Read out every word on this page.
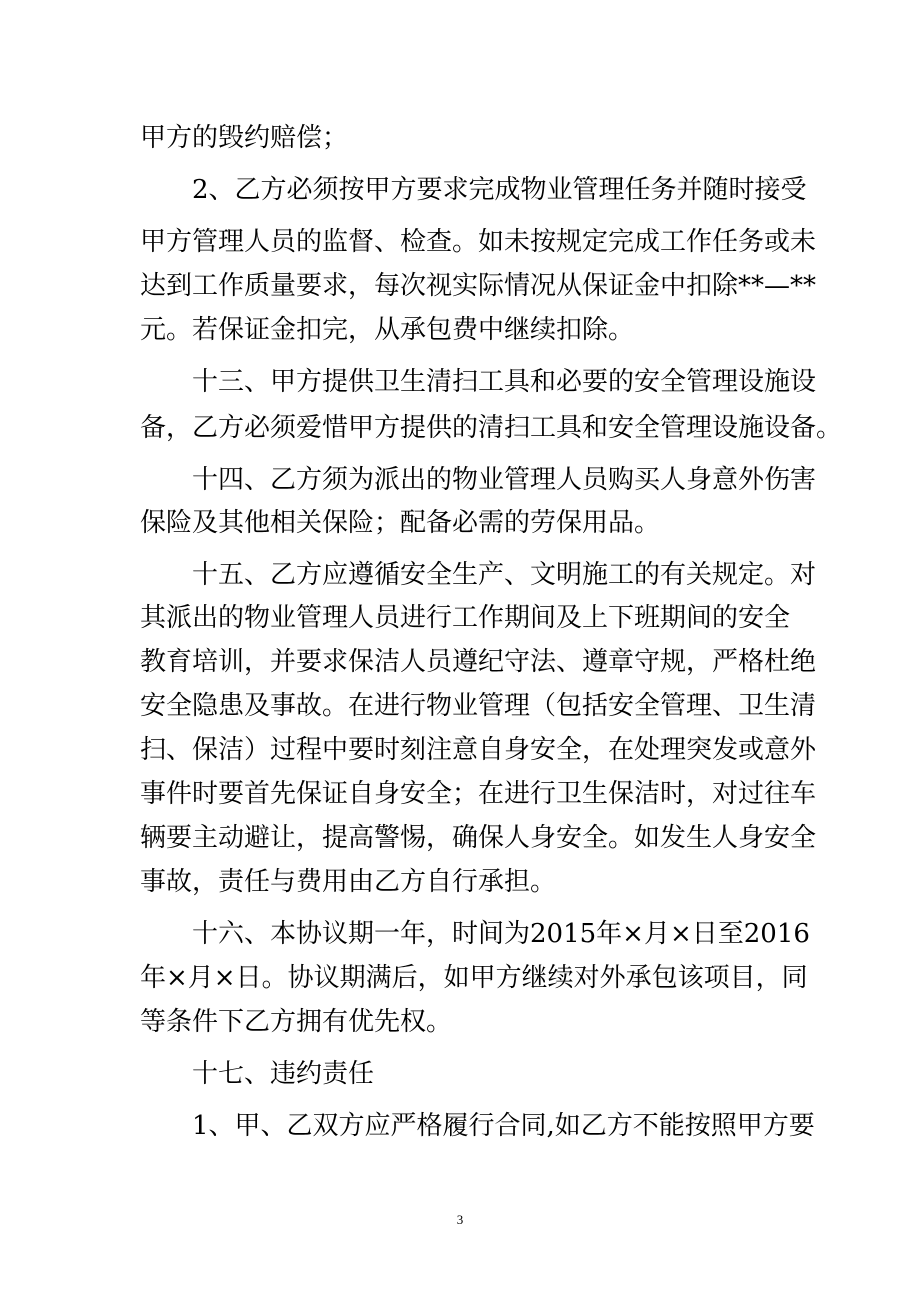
甲方的毁约赔偿；
2、乙方必须按甲方要求完成物业管理任务并随时接受
甲方管理人员的监督、检查。如未按规定完成工作任务或未
达到工作质量要求，每次视实际情况从保证金中扣除**—**
元。若保证金扣完，从承包费中继续扣除。
十三、甲方提供卫生清扫工具和必要的安全管理设施设
备，乙方必须爱惜甲方提供的清扫工具和安全管理设施设备。
十四、乙方须为派出的物业管理人员购买人身意外伤害
保险及其他相关保险；配备必需的劳保用品。
十五、乙方应遵循安全生产、文明施工的有关规定。对
其派出的物业管理人员进行工作期间及上下班期间的安全
教育培训，并要求保洁人员遵纪守法、遵章守规，严格杜绝
安全隐患及事故。在进行物业管理（包括安全管理、卫生清
扫、保洁）过程中要时刻注意自身安全，在处理突发或意外
事件时要首先保证自身安全；在进行卫生保洁时，对过往车
辆要主动避让，提高警惕，确保人身安全。如发生人身安全
事故，责任与费用由乙方自行承担。
十六、本协议期一年，时间为2015年×月×日至2016
年×月×日。协议期满后，如甲方继续对外承包该项目，同
等条件下乙方拥有优先权。
十七、违约责任
1、甲、乙双方应严格履行合同,如乙方不能按照甲方要
3
